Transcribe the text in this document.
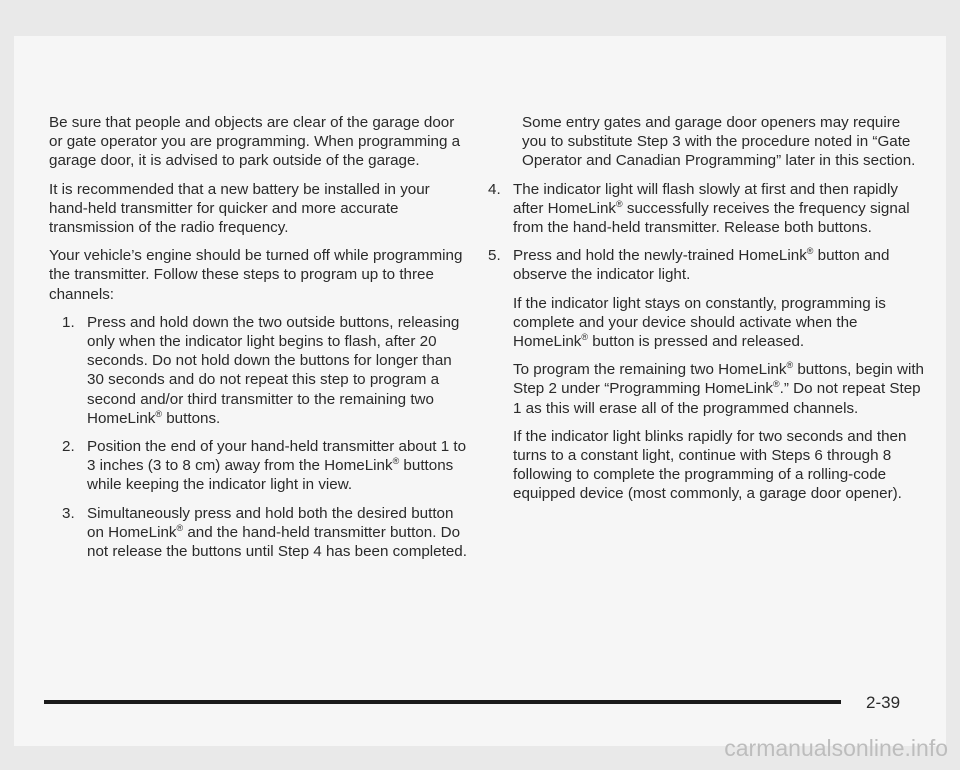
Be sure that people and objects are clear of the garage door or gate operator you are programming. When programming a garage door, it is advised to park outside of the garage.

It is recommended that a new battery be installed in your hand-held transmitter for quicker and more accurate transmission of the radio frequency.

Your vehicle’s engine should be turned off while programming the transmitter. Follow these steps to program up to three channels:

1. Press and hold down the two outside buttons, releasing only when the indicator light begins to flash, after 20 seconds. Do not hold down the buttons for longer than 30 seconds and do not repeat this step to program a second and/or third transmitter to the remaining two HomeLink® buttons.
2. Position the end of your hand-held transmitter about 1 to 3 inches (3 to 8 cm) away from the HomeLink® buttons while keeping the indicator light in view.
3. Simultaneously press and hold both the desired button on HomeLink® and the hand-held transmitter button. Do not release the buttons until Step 4 has been completed.

Some entry gates and garage door openers may require you to substitute Step 3 with the procedure noted in “Gate Operator and Canadian Programming” later in this section.

4. The indicator light will flash slowly at first and then rapidly after HomeLink® successfully receives the frequency signal from the hand-held transmitter. Release both buttons.
5. Press and hold the newly-trained HomeLink® button and observe the indicator light.

If the indicator light stays on constantly, programming is complete and your device should activate when the HomeLink® button is pressed and released.

To program the remaining two HomeLink® buttons, begin with Step 2 under “Programming HomeLink®.” Do not repeat Step 1 as this will erase all of the programmed channels.

If the indicator light blinks rapidly for two seconds and then turns to a constant light, continue with Steps 6 through 8 following to complete the programming of a rolling-code equipped device (most commonly, a garage door opener).

2-39
carmanualsonline.info
